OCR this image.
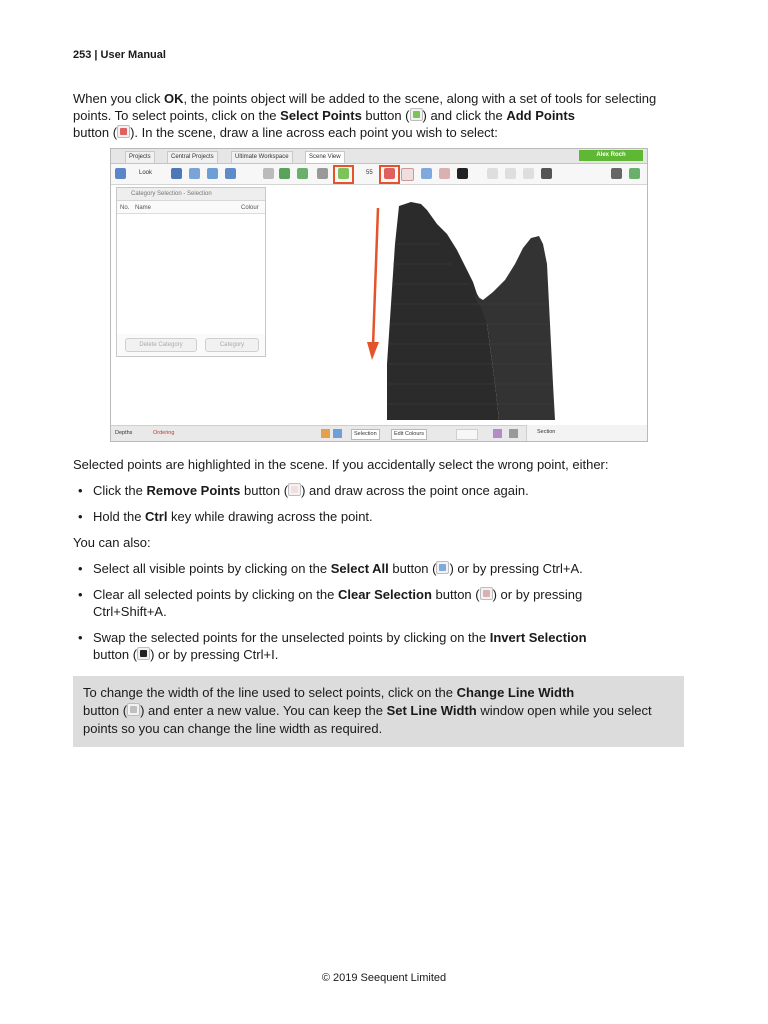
253 | User Manual
When you click OK, the points object will be added to the scene, along with a set of tools for selecting points. To select points, click on the Select Points button ( ) and click the Add Points
button ( ). In the scene, draw a line across each point you wish to select:
Projects	Central Projects	Ultimate Workspace	Scene View	Alex Roch
Look	55
Category Selection - Selection
No. Name	Colour
Delete Category	Category
Depths	Ordering	Selection	Edit Colours	Section
Selected points are highlighted in the scene. If you accidentally select the wrong point, either:
• Click the Remove Points button ( ) and draw across the point once again.
• Hold the Ctrl key while drawing across the point.
You can also:
• Select all visible points by clicking on the Select All button ( ) or by pressing Ctrl+A.
• Clear all selected points by clicking on the Clear Selection button ( ) or by pressing
Ctrl+Shift+A.
• Swap the selected points for the unselected points by clicking on the Invert Selection
button ( ) or by pressing Ctrl+I.
To change the width of the line used to select points, click on the Change Line Width
button ( ) and enter a new value. You can keep the Set Line Width window open while you select points so you can change the line width as required.
© 2019 Seequent Limited
